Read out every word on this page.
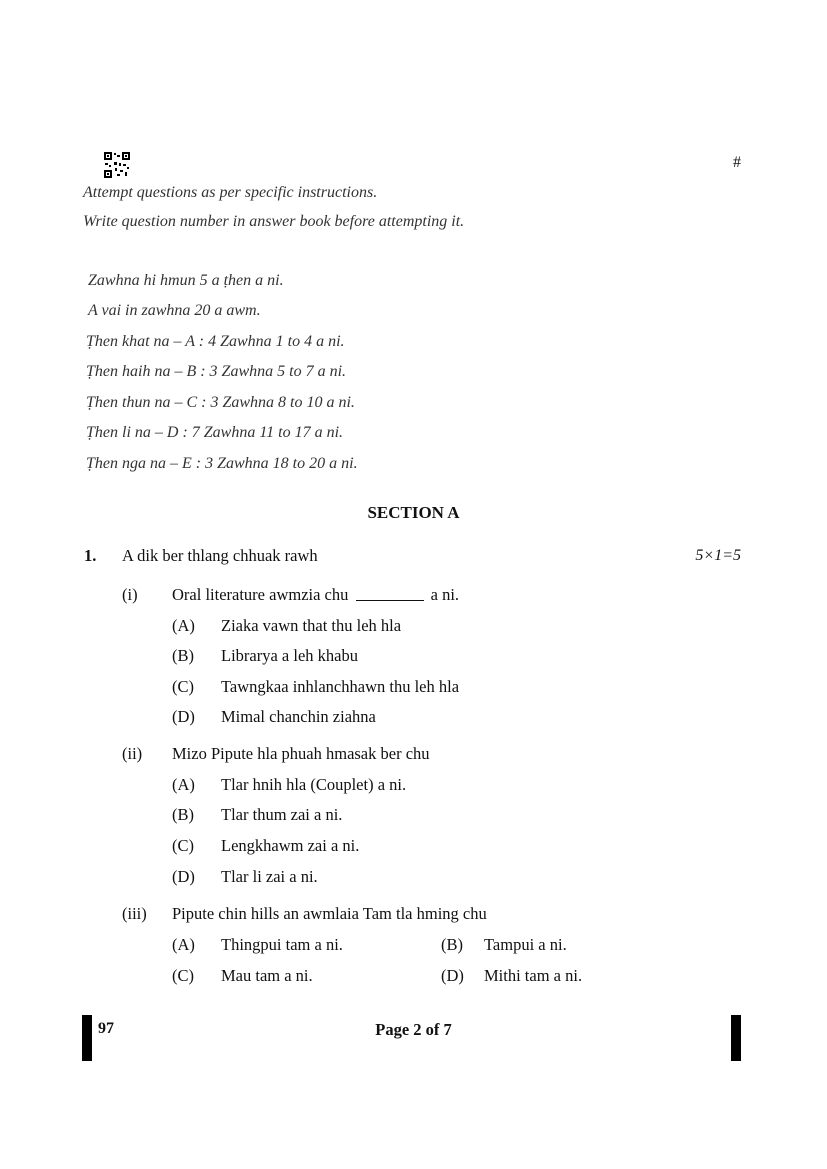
#
Attempt questions as per specific instructions.
Write question number in answer book before attempting it.
Zawhna hi hmun 5 a ṭhen a ni.
A vai in zawhna 20 a awm.
Ṭhen khat na – A : 4 Zawhna 1 to 4 a ni.
Ṭhen haih na – B : 3 Zawhna 5 to 7 a ni.
Ṭhen thun na – C : 3 Zawhna 8 to 10 a ni.
Ṭhen li na – D : 7 Zawhna 11 to 17 a ni.
Ṭhen nga na – E : 3 Zawhna 18 to 20 a ni.
SECTION A
1. A dik ber thlang chhuak rawh	5×1=5
(i) Oral literature awmzia chu	a ni.
(A) Ziaka vawn that thu leh hla
(B) Librarya a leh khabu
(C) Tawngkaa inhlanchhawn thu leh hla
(D) Mimal chanchin ziahna
(ii) Mizo Pipute hla phuah hmasak ber chu
(A) Tlar hnih hla (Couplet) a ni.
(B) Tlar thum zai a ni.
(C) Lengkhawm zai a ni.
(D) Tlar li zai a ni.
(iii) Pipute chin hills an awmlaia Tam tla hming chu
(A) Thingpui tam a ni.	(B) Tampui a ni.
(C) Mau tam a ni.	(D) Mithi tam a ni.
97	Page 2 of 7
